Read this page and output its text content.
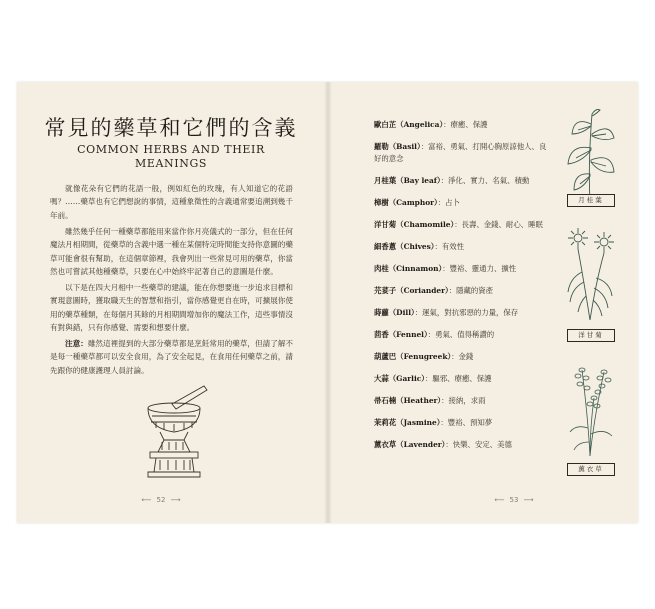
常見的藥草和它們的含義
COMMON HERBS AND THEIR
MEANINGS

就像花朵有它們的花語一般，例如紅色的玫瑰，有人知道它的花語嗎？……藥草也有它們想說的事情，這種象徵性的含義通常要追溯到幾千年前。

雖然幾乎任何一種藥草都能用來當作你月亮儀式的一部分，但在任何魔法月相期間，從藥草的含義中選一種在某個特定時間能支持你意圖的藥草可能會很有幫助，在這個章節裡，我會列出一些常見可用的藥草，你當然也可嘗試其他種藥草，只要在心中始終牢記著自己的意圖是什麼。

以下是在四大月相中一些藥草的建議，能在你想要進一步追求目標和實現意圖時，獲取職天生的智慧和指引，當你感覺更自在時，可擴展你使用的藥草種類，在每個月其餘的月相期間增加你的魔法工作，這些事情沒有對與錯，只有你感覺、需要和想要什麼。

注意：雖然這裡提到的大部分藥草都是烹飪常用的藥草，但請了解不是每一種藥草都可以安全食用，為了安全起見，在食用任何藥草之前，請先跟你的健康護理人員討論。

⟵ 52 ⟶
歐白芷（Angelica）：療癒、保護
羅勒（Basil）：富裕、勇氣、打開心胸原諒他人、良好的意念
月桂葉（Bay leaf）：淨化、實力、名氣、積動
樟樹（Camphor）：占卜
洋甘菊（Chamomile）：長壽、金錢、耐心、睡眠
細香蔥（Chives）：有效性
肉桂（Cinnamon）：豐裕、靈通力、擴性
芫荽子（Coriander）：隱藏的資產
蒔蘿（Dill）：運氣，對抗邪惡的力量，保存
茴香（Fennel）：勇氣、值得稱讚的
葫蘆巴（Fenugreek）：金錢
大蒜（Garlic）：驅邪、療癒、保護
帚石楠（Heather）：接納，求雨
茉莉花（Jasmine）：豐裕、預知夢
薰衣草（Lavender）：快樂、安定、美德
月桂葉
洋甘菊
薰衣草
⟵ 53 ⟶
